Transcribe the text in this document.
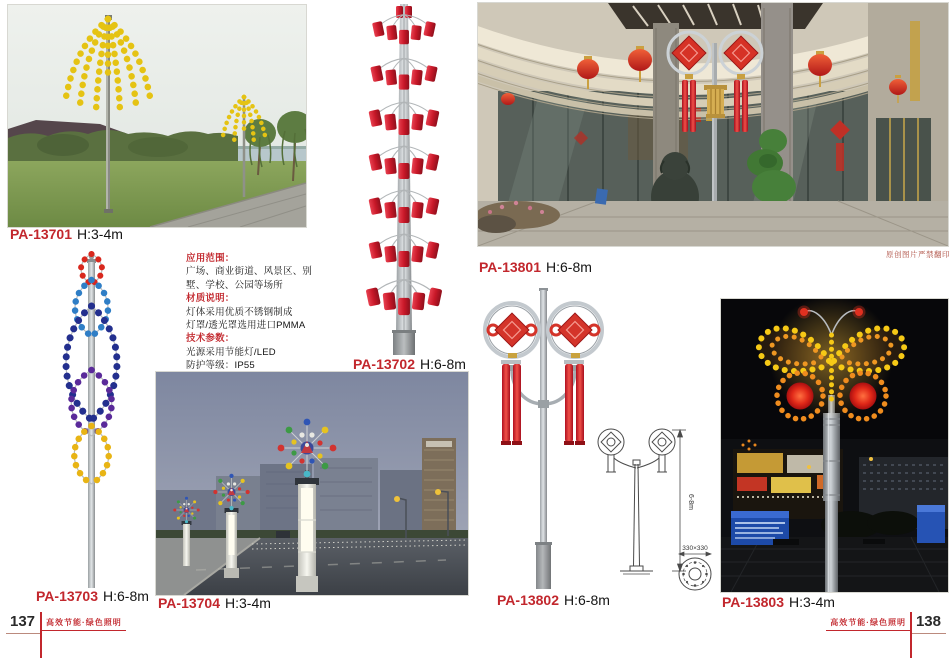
PA-13701 H:3-4m
应用范围：
广场、商业街道、风景区、别
墅、学校、公园等场所
材质说明：
灯体采用优质不锈钢制成
灯罩/透光罩选用进口PMMA
技术参数：
光源采用节能灯/LED
防护等级：IP55	PA-13702 H:6-8m
PA-13703 H:6-8m PA-13704 H:3-4m
137	高效节能·绿色照明
原创图片严禁翻印
PA-13801 H:6-8m
6-8m
330×330
PA-13802 H:6-8m	PA-13803 H:3-4m
高效节能·绿色照明 138
